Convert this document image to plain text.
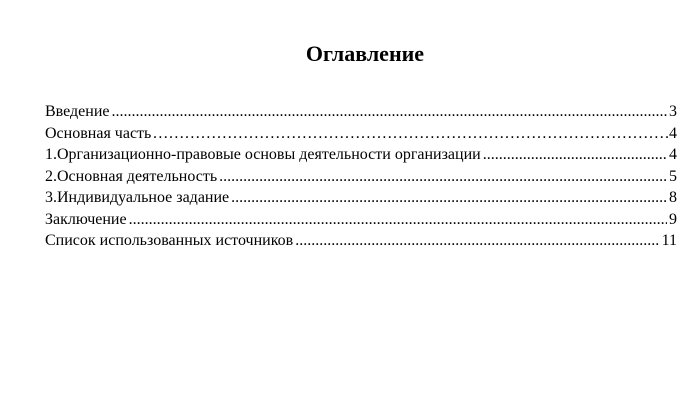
Оглавление
Введение .....	3
Основная часть ………………………………………………………………………………………………………………………………………………………………………………………………………	4
1.Организационно-правовые основы деятельности организации .....	4
2.Основная деятельность .....	5
3.Индивидуальное задание .....	8
Заключение .....	9
Список использованных источников .....	11
